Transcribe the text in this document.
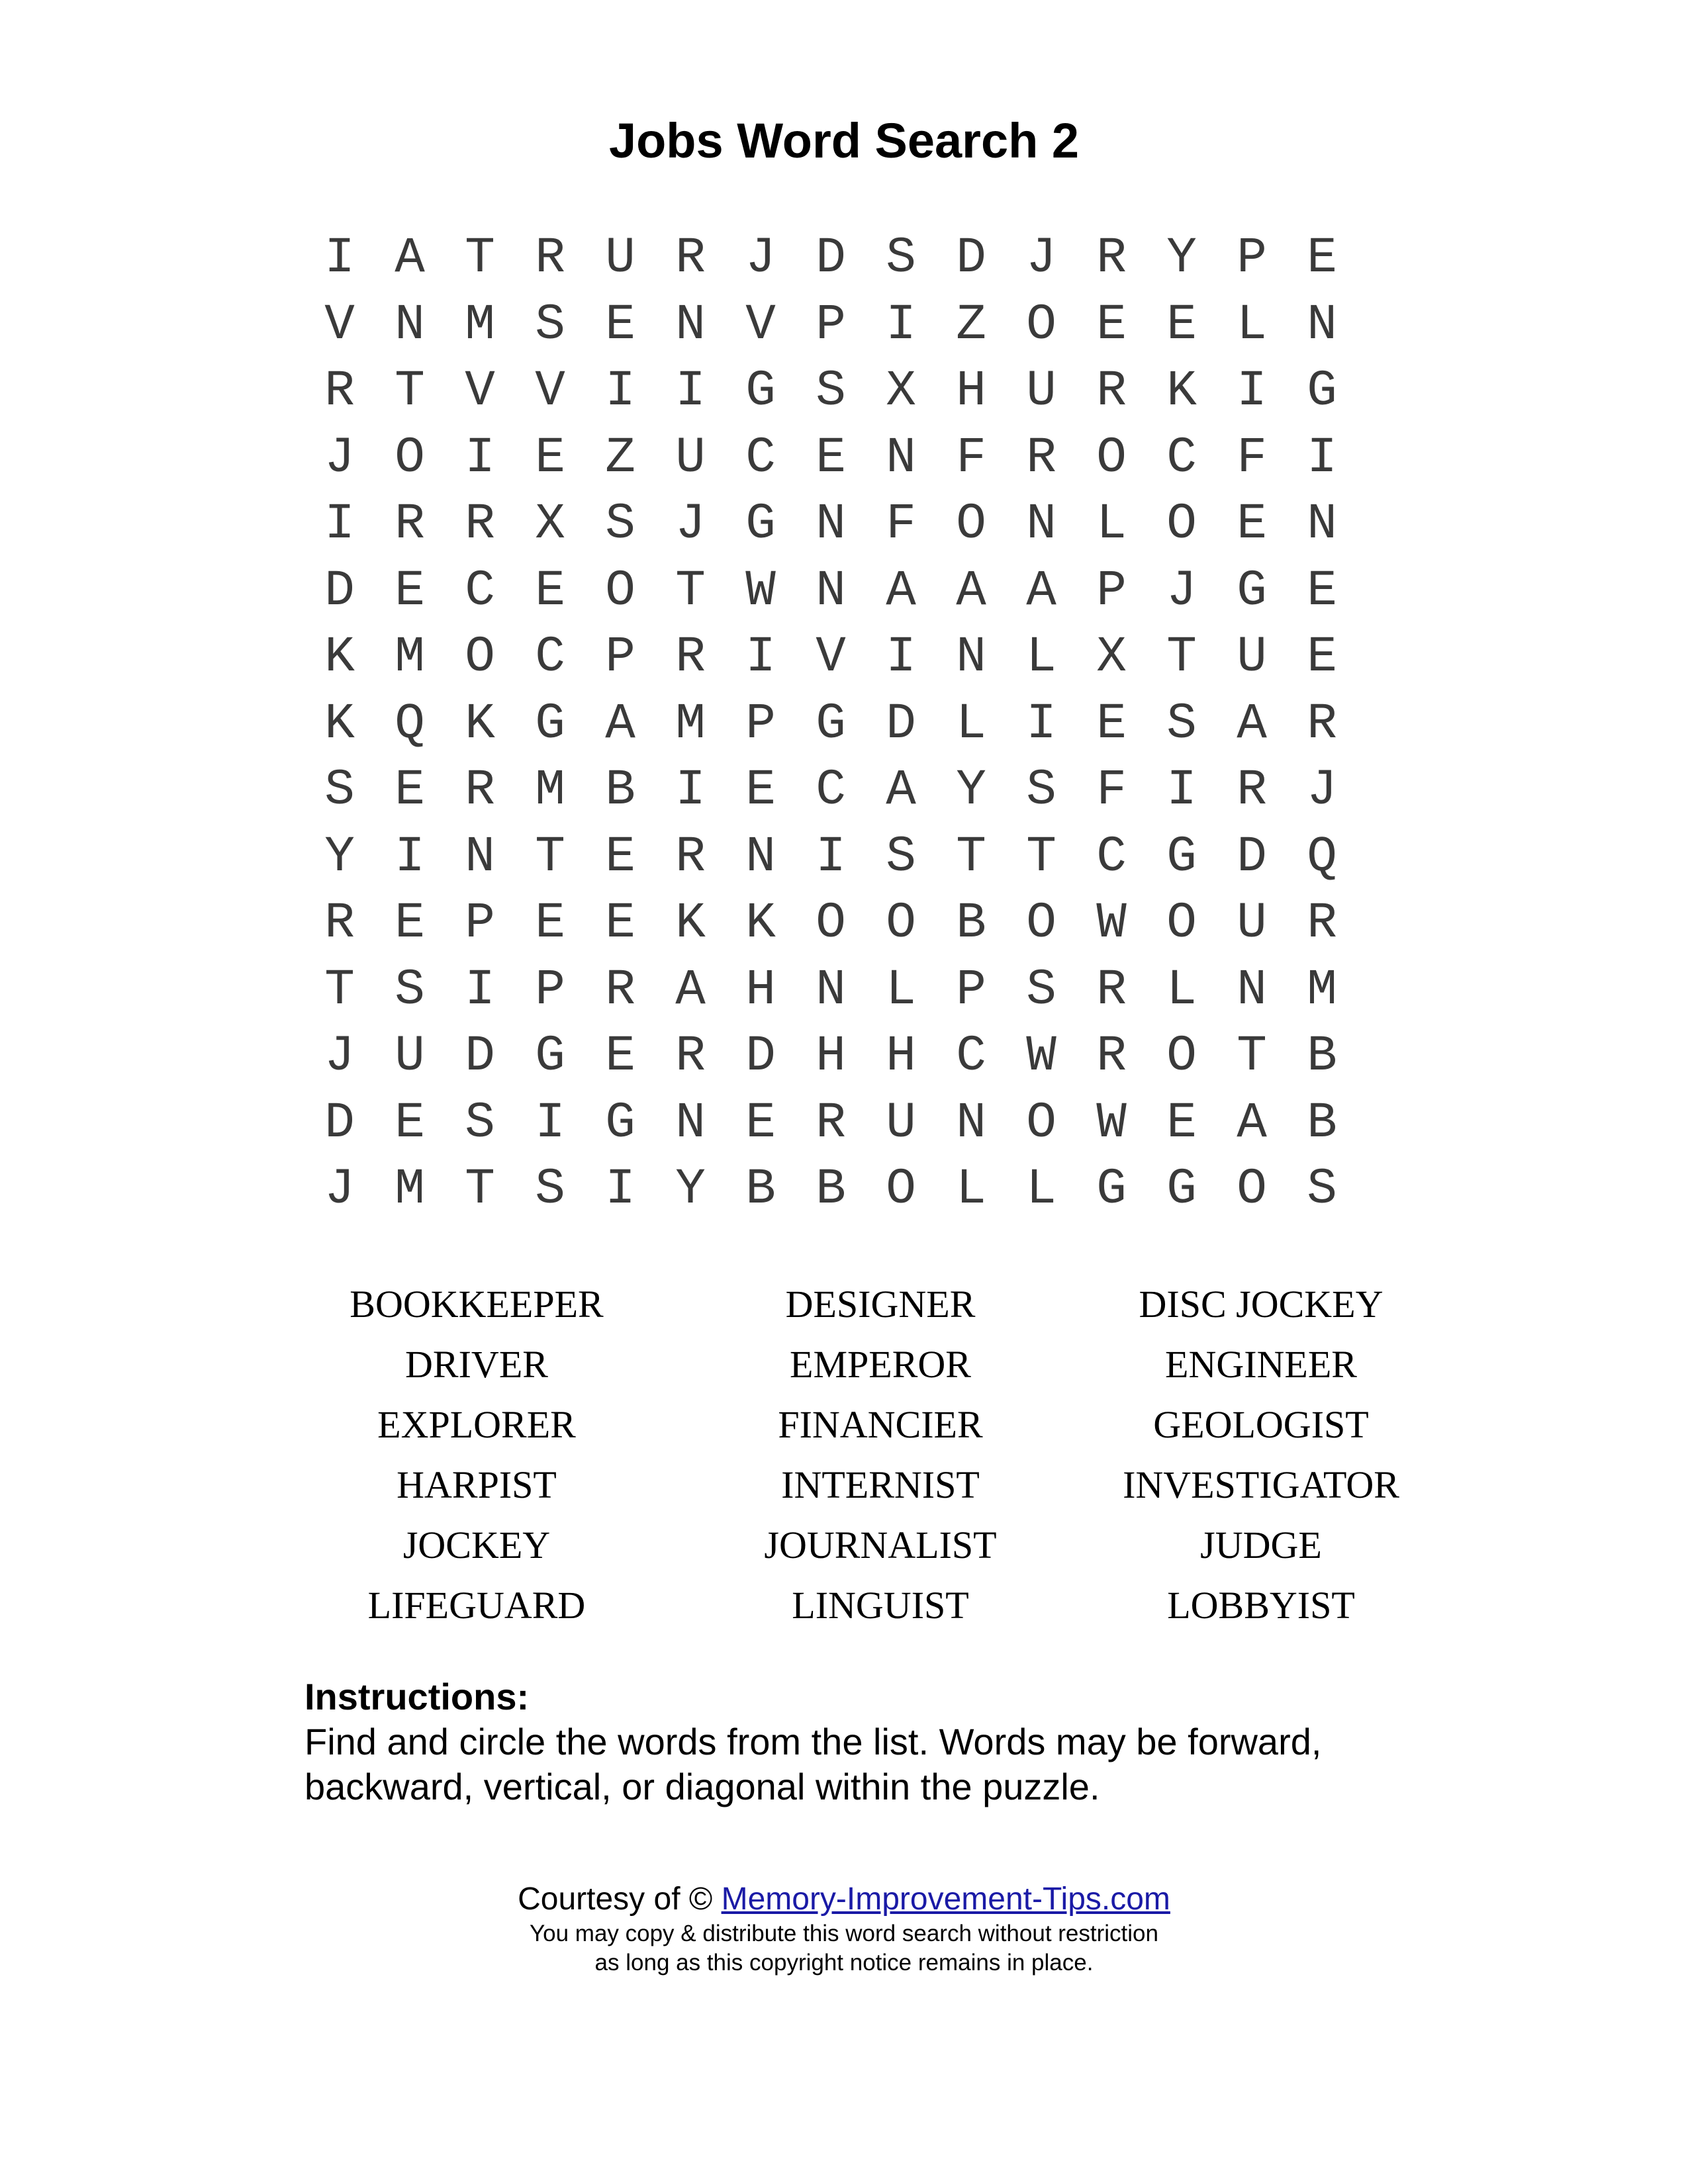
Jobs Word Search 2
I A T R U R J D S D J R Y P E
V N M S E N V P I Z O E E L N
R T V V I I G S X H U R K I G
J O I E Z U C E N F R O C F I
I R R X S J G N F O N L O E N
D E C E O T W N A A A P J G E
K M O C P R I V I N L X T U E
K Q K G A M P G D L I E S A R
S E R M B I E C A Y S F I R J
Y I N T E R N I S T T C G D Q
R E P E E K K O O B O W O U R
T S I P R A H N L P S R L N M
J U D G E R D H H C W R O T B
D E S I G N E R U N O W E A B
J M T S I Y B B O L L G G O S
BOOKKEEPER	DESIGNER	DISC JOCKEY
DRIVER	EMPEROR	ENGINEER
EXPLORER	FINANCIER	GEOLOGIST
HARPIST	INTERNIST	INVESTIGATOR
JOCKEY	JOURNALIST	JUDGE
LIFEGUARD	LINGUIST	LOBBYIST
Instructions:
Find and circle the words from the list. Words may be forward,
backward, vertical, or diagonal within the puzzle.
Courtesy of © Memory-Improvement-Tips.com
You may copy & distribute this word search without restriction
as long as this copyright notice remains in place.
